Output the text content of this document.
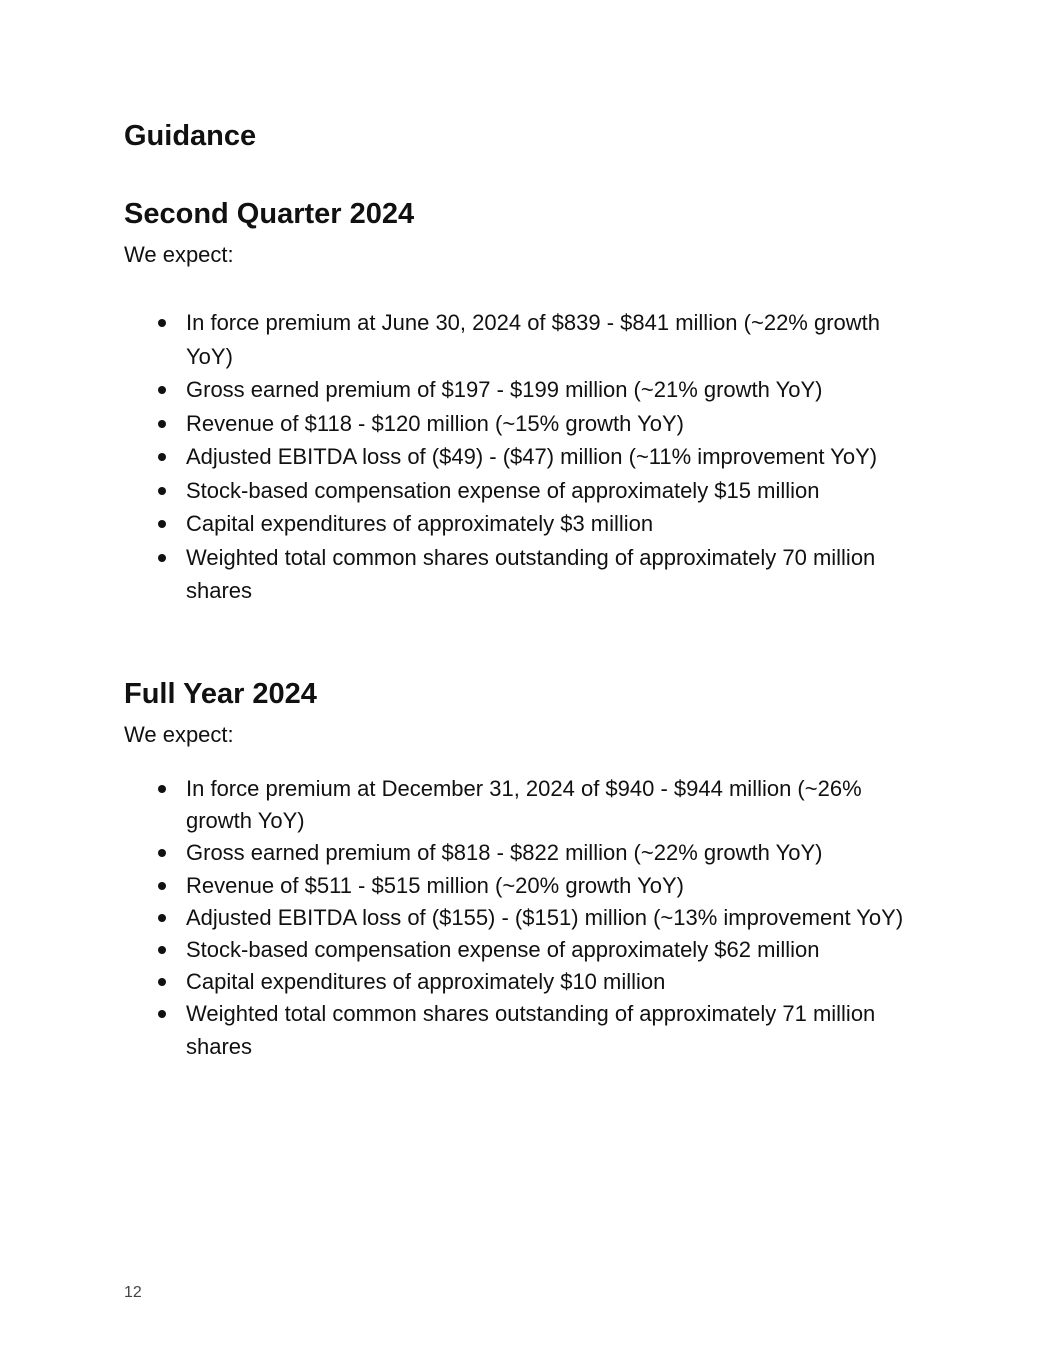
Guidance
Second Quarter 2024

We expect:

In force premium at June 30, 2024 of $839 - $841 million (~22% growth YoY)
Gross earned premium of $197 - $199 million (~21% growth YoY)
Revenue of $118 - $120 million (~15% growth YoY)
Adjusted EBITDA loss of ($49) - ($47) million (~11% improvement YoY)
Stock-based compensation expense of approximately $15 million
Capital expenditures of approximately $3 million
Weighted total common shares outstanding of approximately 70 million shares
Full Year 2024

We expect:

In force premium at December 31, 2024 of $940 - $944 million (~26% growth YoY)
Gross earned premium of $818 - $822 million (~22% growth YoY)
Revenue of $511 - $515 million (~20% growth YoY)
Adjusted EBITDA loss of ($155) - ($151) million (~13% improvement YoY)
Stock-based compensation expense of approximately $62 million
Capital expenditures of approximately $10 million
Weighted total common shares outstanding of approximately 71 million shares
12
